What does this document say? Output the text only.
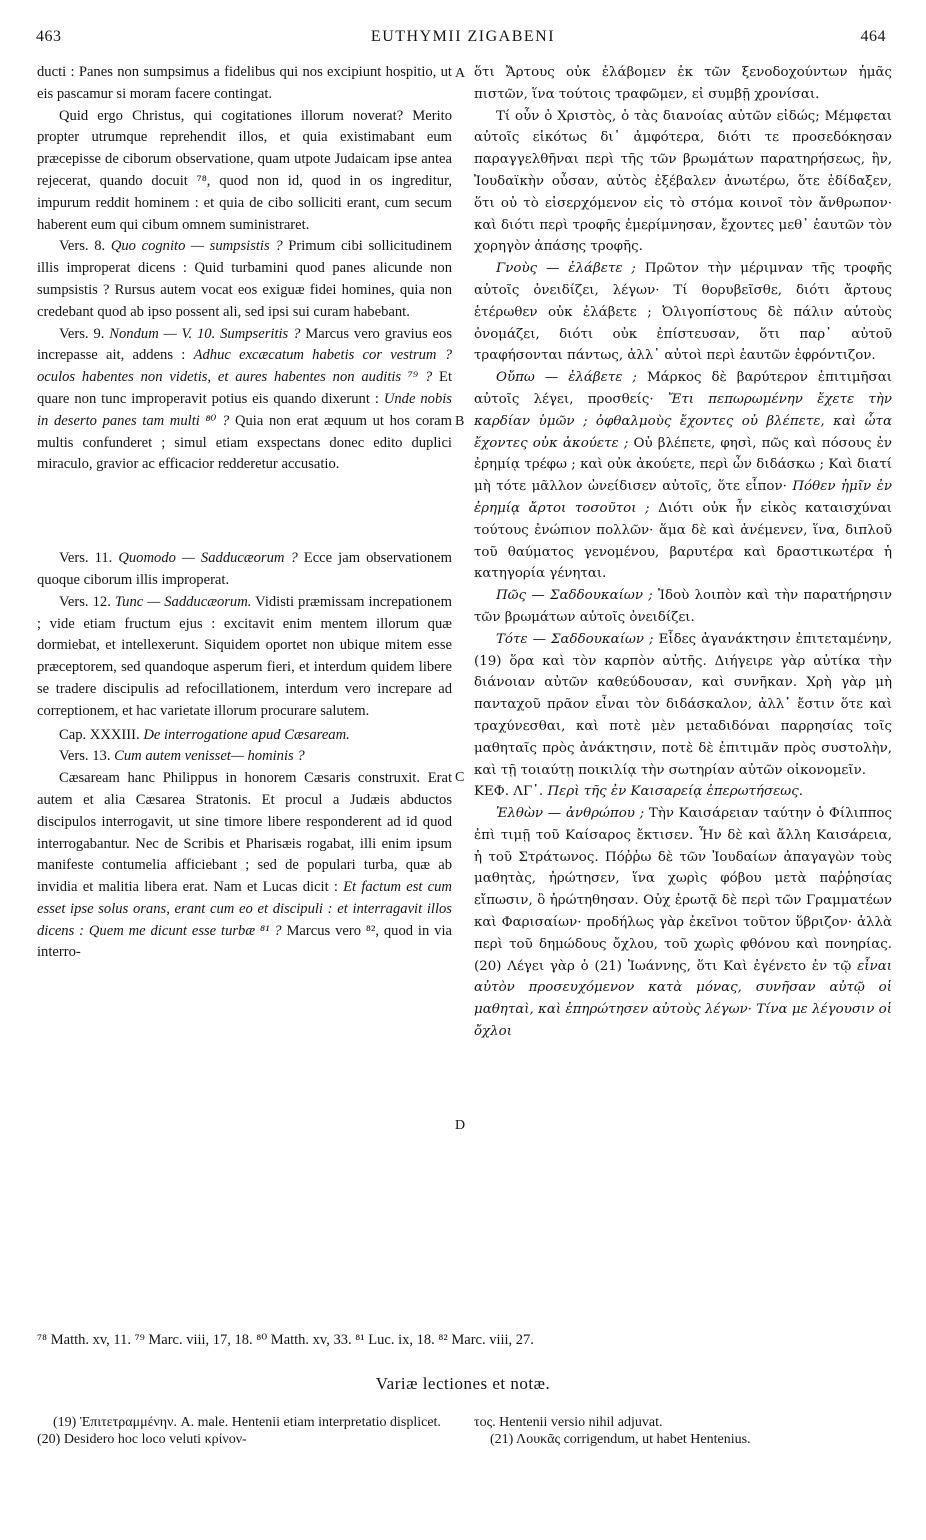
463	EUTHYMII ZIGABENI	464

ducti : Panes non sumpsimus a fidelibus qui nos excipiunt hospitio, ut eis pascamur si moram facere contingat.

Quid ergo Christus, qui cogitationes illorum noverat? Merito propter utrumque reprehendit illos, et quia existimabant eum præcepisse de ciborum observatione, quam utpote Judaicam ipse antea rejecerat, quando docuit ⁷⁸, quod non id, quod in os ingreditur, impurum reddit hominem : et quia de cibo solliciti erant, cum secum haberent eum qui cibum omnem suministraret.

Vers. 8. Quo cognito — sumpsistis ? Primum cibi sollicitudinem illis improperat dicens : Quid turbamini quod panes alicunde non sumpsistis ? Rursus autem vocat eos exiguæ fidei homines, quia non credebant quod ab ipso possent ali, sed ipsi sui curam habebant.

Vers. 9. Nondum — V. 10. Sumpseritis ? Marcus vero gravius eos increpasse ait, addens : Adhuc excæcatum habetis cor vestrum ? oculos habentes non videtis, et aures habentes non auditis ⁷⁹ ? Et quare non tunc improperavit potius eis quando dixerunt : Unde nobis in deserto panes tam multi ⁸⁰ ? Quia non erat æquum ut hos coram multis confunderet ; simul etiam exspectans donec edito duplici miraculo, gravior ac efficacior redderetur accusatio.

Vers. 11. Quomodo — Sadducæorum ? Ecce jam observationem quoque ciborum illis improperat.

Vers. 12. Tunc — Sadducæorum. Vidisti præmissam increpationem ; vide etiam fructum ejus : excitavit enim mentem illorum quæ dormiebat, et intellexerunt. Siquidem oportet non ubique mitem esse præceptorem, sed quandoque asperum fieri, et interdum quidem libere se tradere discipulis ad refocillationem, interdum vero increpare ad correptionem, et hac varietate illorum procurare salutem.

Cap. XXXIII. De interrogatione apud Cæsaream.

Vers. 13. Cum autem venisset— hominis ?

Cæsaream hanc Philippus in honorem Cæsaris construxit. Erat autem et alia Cæsarea Stratonis. Et procul a Judæis abductos discipulos interrogavit, ut sine timore libere responderent ad id quod interrogabantur. Nec de Scribis et Pharisæis rogabat, illi enim ipsum manifeste contumelia afficiebant ; sed de populari turba, quæ ab invidia et malitia libera erat. Nam et Lucas dicit : Et factum est cum esset ipse solus orans, erant cum eo et discipuli : et interragavit illos dicens : Quem me dicunt esse turbæ ⁸¹ ? Marcus vero ⁸², quod in via interro-

A
B
C
D

ὅτι Ἄρτους οὐκ ἐλάβομεν ἐκ τῶν ξενοδοχούντων ἡμᾶς πιστῶν, ἵνα τούτοις τραφῶμεν, εἰ συμβῇ χρονίσαι.

Τί οὖν ὁ Χριστὸς, ὁ τὰς διανοίας αὐτῶν εἰδώς; Μέμφεται αὐτοῖς εἰκότως δι᾽ ἀμφότερα, διότι τε προσεδόκησαν παραγγελθῆναι περὶ τῆς τῶν βρωμάτων παρατηρήσεως, ἣν, Ἰουδαϊκὴν οὖσαν, αὐτὸς ἐξέβαλεν ἀνωτέρω, ὅτε ἐδίδαξεν, ὅτι οὐ τὸ εἰσερχόμενον εἰς τὸ στόμα κοινοῖ τὸν ἄνθρωπον· καὶ διότι περὶ τροφῆς ἐμερίμνησαν, ἔχοντες μεθ᾽ ἑαυτῶν τὸν χορηγὸν ἁπάσης τροφῆς.

Γνοὺς — ἐλάβετε ; Πρῶτον τὴν μέριμναν τῆς τροφῆς αὐτοῖς ὀνειδίζει, λέγων· Τί θορυβεῖσθε, διότι ἄρτους ἑτέρωθεν οὐκ ἐλάβετε ; Ὀλιγοπίστους δὲ πάλιν αὐτοὺς ὀνομάζει, διότι οὐκ ἐπίστευσαν, ὅτι παρ᾽ αὐτοῦ τραφήσονται πάντως, ἀλλ᾽ αὐτοὶ περὶ ἑαυτῶν ἐφρόντιζον.

Οὔπω — ἐλάβετε ; Μάρκος δὲ βαρύτερον ἐπιτιμῆσαι αὐτοῖς λέγει, προσθείς· Ἔτι πεπωρωμένην ἔχετε τὴν καρδίαν ὑμῶν ; ὀφθαλμοὺς ἔχοντες οὐ βλέπετε, καὶ ὦτα ἔχοντες οὐκ ἀκούετε ; Οὐ βλέπετε, φησὶ, πῶς καὶ πόσους ἐν ἐρημίᾳ τρέφω ; καὶ οὐκ ἀκούετε, περὶ ὧν διδάσκω ; Καὶ διατί μὴ τότε μᾶλλον ὠνείδισεν αὐτοῖς, ὅτε εἶπον· Πόθεν ἡμῖν ἐν ἐρημίᾳ ἄρτοι τοσοῦτοι ; Διότι οὐκ ἦν εἰκὸς καταισχύναι τούτους ἐνώπιον πολλῶν· ἅμα δὲ καὶ ἀνέμενεν, ἵνα, διπλοῦ τοῦ θαύματος γενομένου, βαρυτέρα καὶ δραστικωτέρα ἡ κατηγορία γένηται.

Πῶς — Σαδδουκαίων ; Ἰδοὺ λοιπὸν καὶ τὴν παρατήρησιν τῶν βρωμάτων αὐτοῖς ὀνειδίζει.

Τότε — Σαδδουκαίων ; Εἶδες ἀγανάκτησιν ἐπιτεταμένην, (19) ὅρα καὶ τὸν καρπὸν αὐτῆς. Διήγειρε γὰρ αὐτίκα τὴν διάνοιαν αὐτῶν καθεύδουσαν, καὶ συνῆκαν. Χρὴ γὰρ μὴ πανταχοῦ πρᾶον εἶναι τὸν διδάσκαλον, ἀλλ᾽ ἔστιν ὅτε καὶ τραχύνεσθαι, καὶ ποτὲ μὲν μεταδιδόναι παρρησίας τοῖς μαθηταῖς πρὸς ἀνάκτησιν, ποτὲ δὲ ἐπιτιμᾶν πρὸς συστολὴν, καὶ τῇ τοιαύτῃ ποικιλίᾳ τὴν σωτηρίαν αὐτῶν οἰκονομεῖν.

ΚΕΦ. ΛΓ᾽. Περὶ τῆς ἐν Καισαρείᾳ ἐπερωτήσεως.

Ἐλθὼν — ἀνθρώπου ; Τὴν Καισάρειαν ταύτην ὁ Φίλιππος ἐπὶ τιμῇ τοῦ Καίσαρος ἔκτισεν. Ἦν δὲ καὶ ἄλλη Καισάρεια, ἡ τοῦ Στράτωνος. Πόῤῥω δὲ τῶν Ἰουδαίων ἀπαγαγὼν τοὺς μαθητὰς, ἠρώτησεν, ἵνα χωρὶς φόβου μετὰ παῤῥησίας εἴπωσιν, ὃ ἠρώτηθησαν. Οὐχ ἐρωτᾷ δὲ περὶ τῶν Γραμματέων καὶ Φαρισαίων· προδήλως γὰρ ἐκεῖνοι τοῦτον ὕβριζον· ἀλλὰ περὶ τοῦ δημώδους ὄχλου, τοῦ χωρὶς φθόνου καὶ πονηρίας. (20) Λέγει γὰρ ὁ (21) Ἰωάννης, ὅτι Καὶ ἐγένετο ἐν τῷ εἶναι αὐτὸν προσευχόμενον κατὰ μόνας, συνῆσαν αὐτῷ οἱ μαθηταὶ, καὶ ἐπηρώτησεν αὐτοὺς λέγων· Τίνα με λέγουσιν οἱ ὄχλοι

⁷⁸ Matth. xv, 11. ⁷⁹ Marc. viii, 17, 18. ⁸⁰ Matth. xv, 33. ⁸¹ Luc. ix, 18. ⁸² Marc. viii, 27.
Variæ lectiones et notæ.

(19) Ἐπιτετραμμένην. A. male. Hentenii etiam interpretatio displicet.

(20) Desidero hoc loco veluti κρίνον-

τος. Hentenii versio nihil adjuvat.

(21) Λουκᾶς corrigendum, ut habet Hentenius.
